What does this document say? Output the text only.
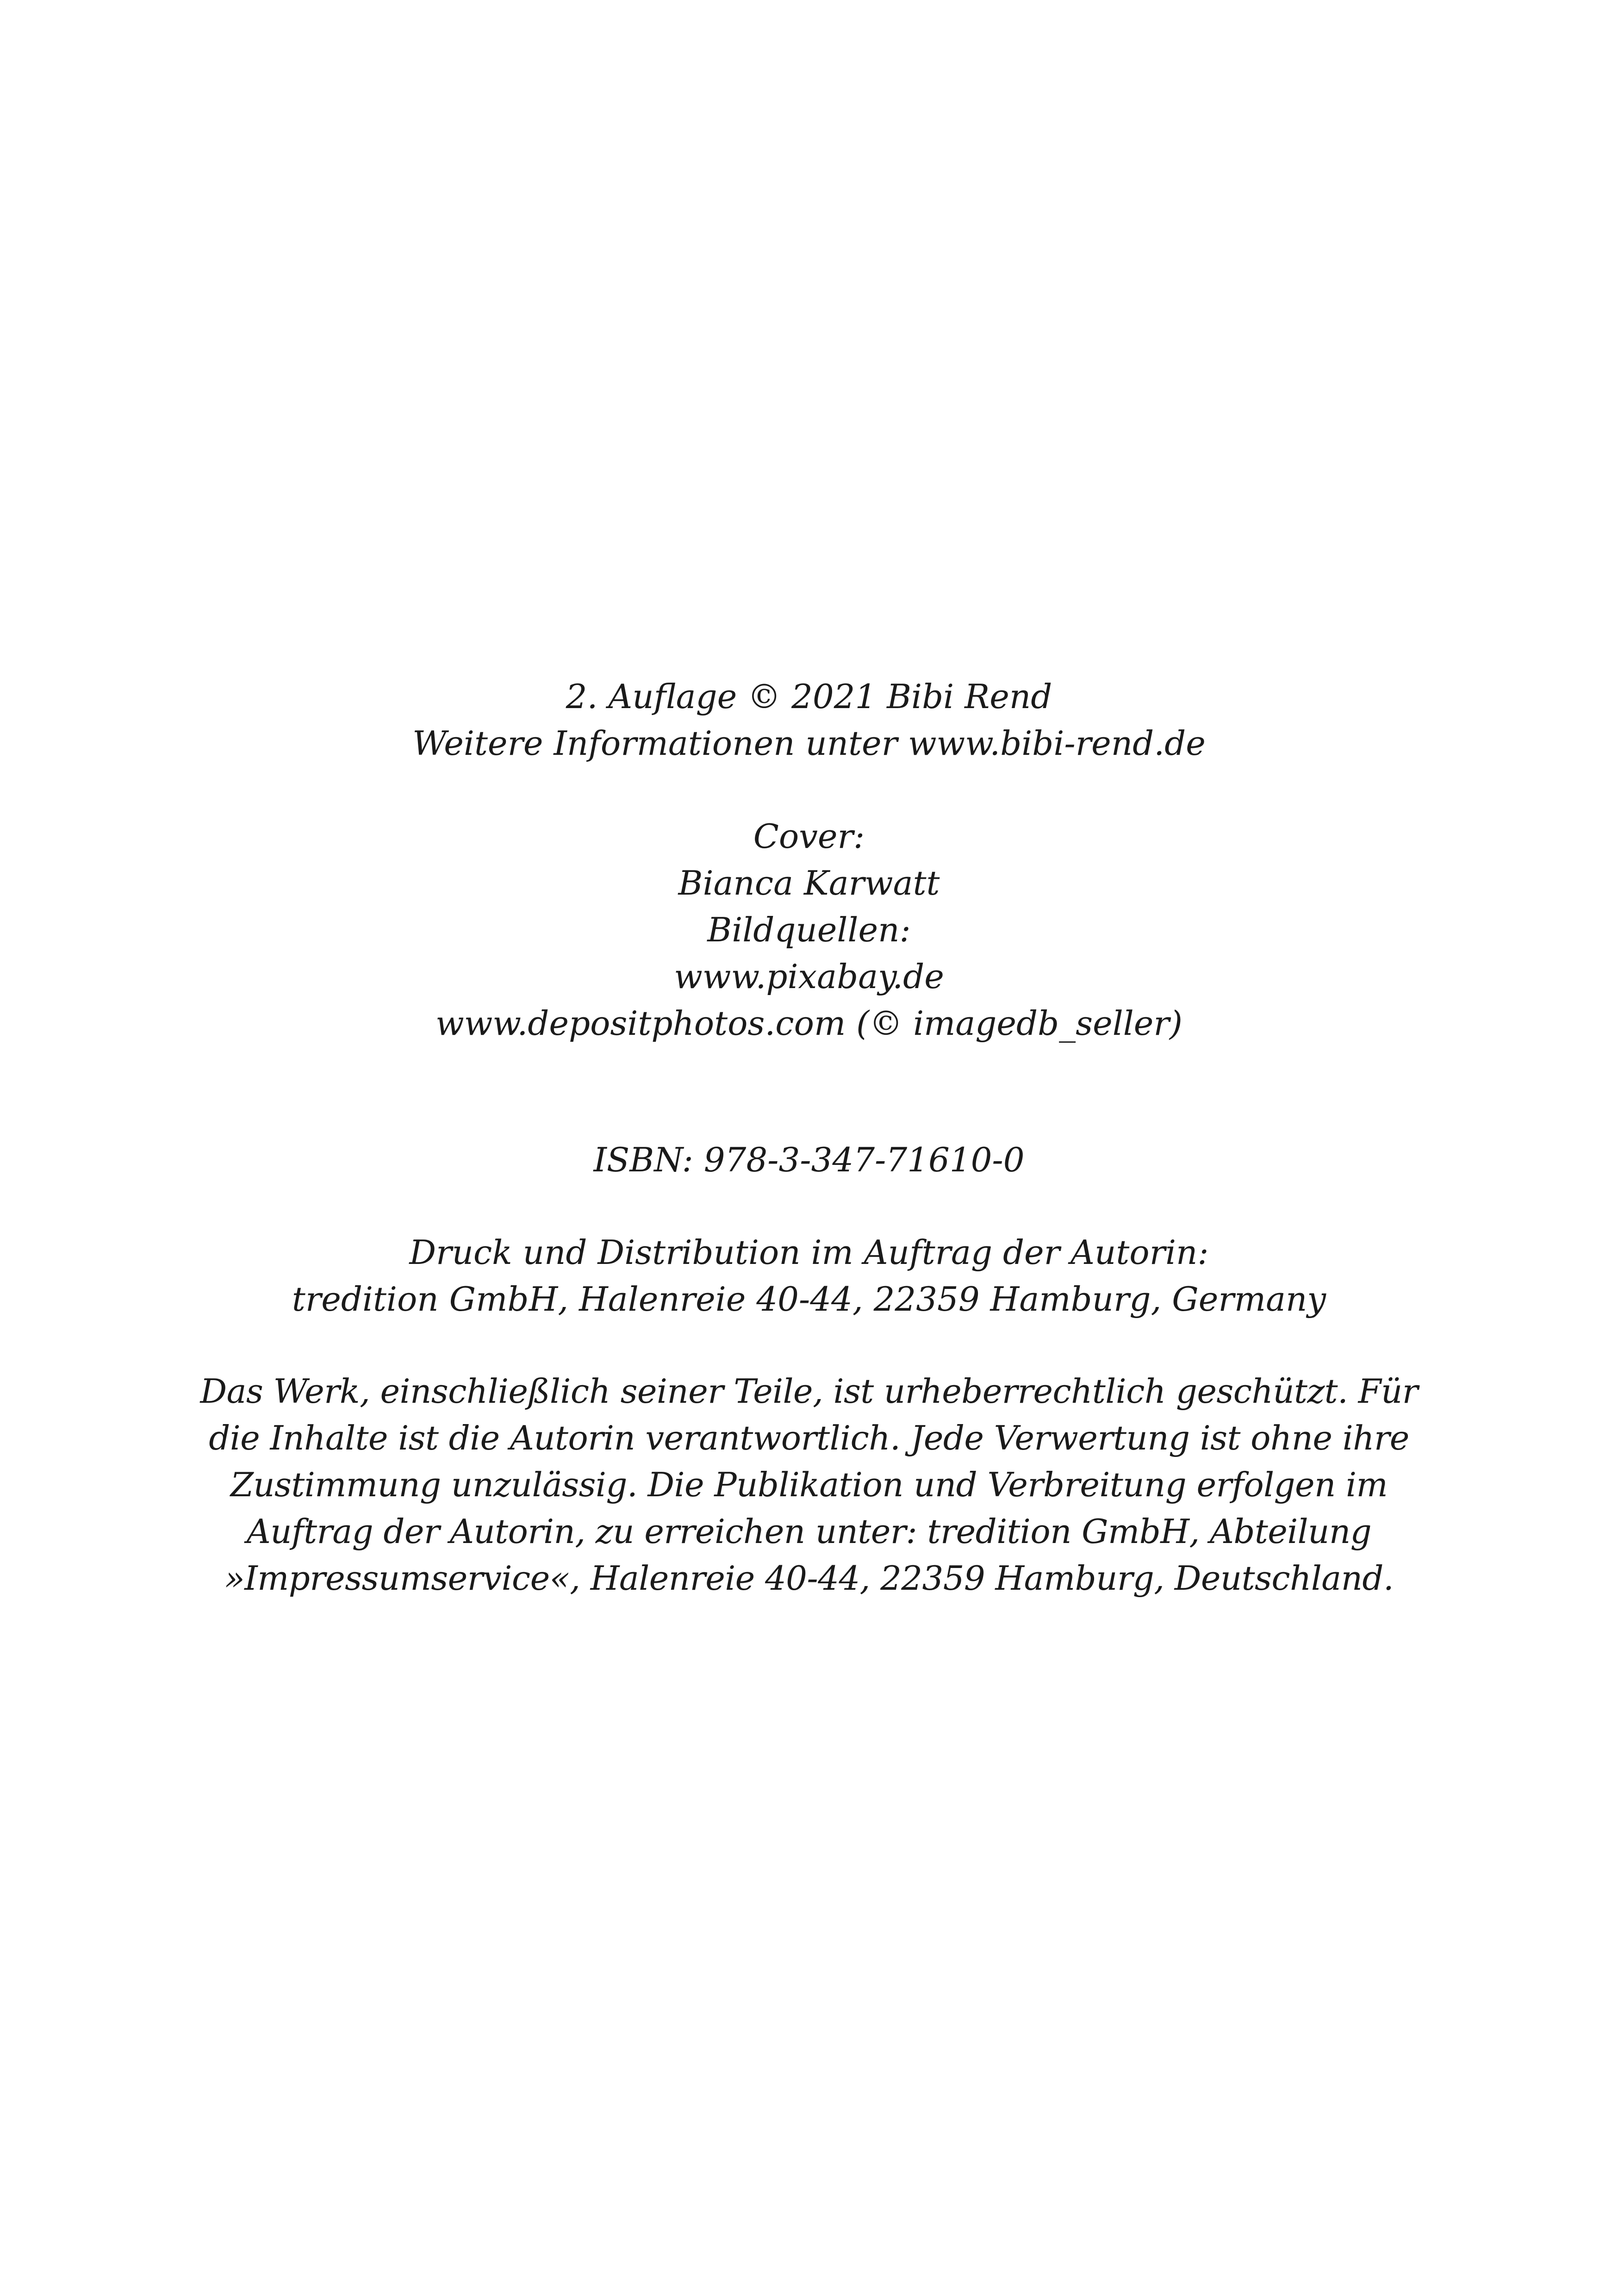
2. Auflage © 2021 Bibi Rend
Weitere Informationen unter www.bibi-rend.de
Cover:
Bianca Karwatt
Bildquellen:
www.pixabay.de
www.depositphotos.com (© imagedb_seller)
ISBN: 978-3-347-71610-0
Druck und Distribution im Auftrag der Autorin:
tredition GmbH, Halenreie 40-44, 22359 Hamburg, Germany
Das Werk, einschließlich seiner Teile, ist urheberrechtlich geschützt. Für
die Inhalte ist die Autorin verantwortlich. Jede Verwertung ist ohne ihre
Zustimmung unzulässig. Die Publikation und Verbreitung erfolgen im
Auftrag der Autorin, zu erreichen unter: tredition GmbH, Abteilung
»Impressumservice«, Halenreie 40-44, 22359 Hamburg, Deutschland.
